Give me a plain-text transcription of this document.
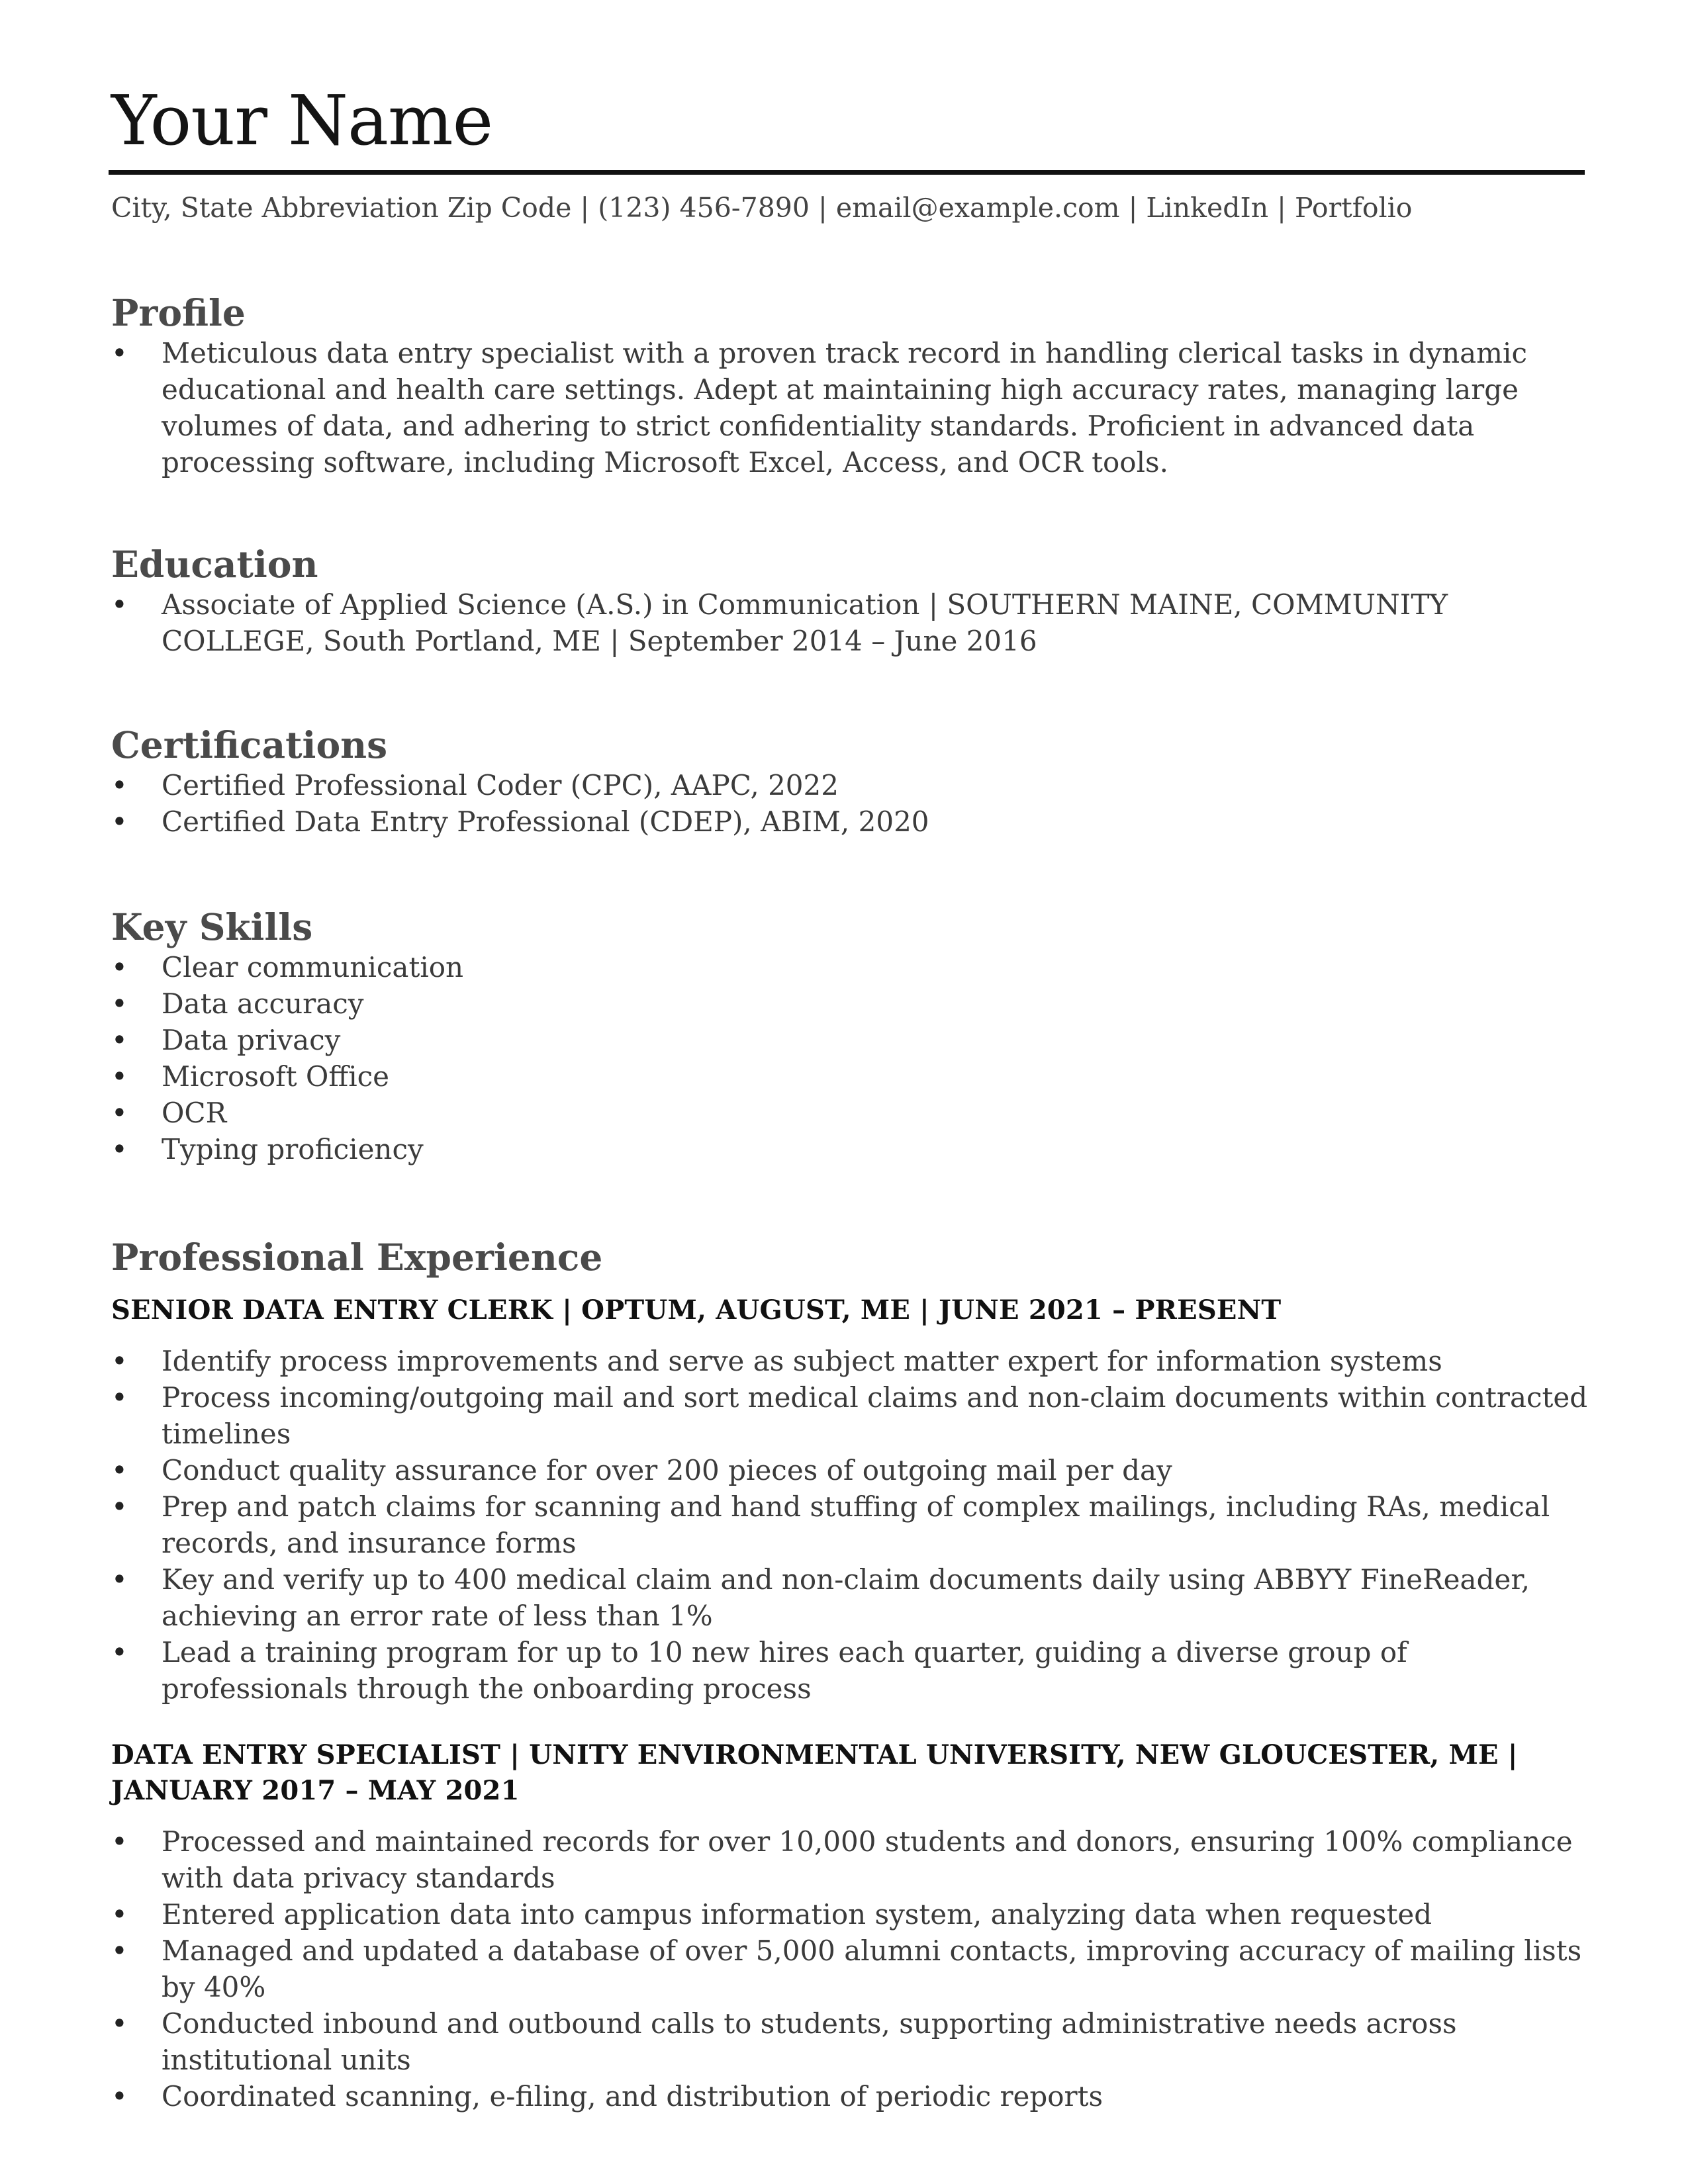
Your Name
City, State Abbreviation Zip Code | (123) 456-7890 | email@example.com | LinkedIn | Portfolio
Profile
• Meticulous data entry specialist with a proven track record in handling clerical tasks in dynamic educational and health care settings. Adept at maintaining high accuracy rates, managing large volumes of data, and adhering to strict confidentiality standards. Proficient in advanced data processing software, including Microsoft Excel, Access, and OCR tools.
Education
• Associate of Applied Science (A.S.) in Communication | SOUTHERN MAINE, COMMUNITY COLLEGE, South Portland, ME | September 2014 – June 2016
Certifications
• Certified Professional Coder (CPC), AAPC, 2022
• Certified Data Entry Professional (CDEP), ABIM, 2020
Key Skills
• Clear communication
• Data accuracy
• Data privacy
• Microsoft Office
• OCR
• Typing proficiency
Professional Experience
SENIOR DATA ENTRY CLERK | OPTUM, AUGUST, ME | JUNE 2021 – PRESENT
• Identify process improvements and serve as subject matter expert for information systems
• Process incoming/outgoing mail and sort medical claims and non-claim documents within contracted timelines
• Conduct quality assurance for over 200 pieces of outgoing mail per day
• Prep and patch claims for scanning and hand stuffing of complex mailings, including RAs, medical records, and insurance forms
• Key and verify up to 400 medical claim and non-claim documents daily using ABBYY FineReader, achieving an error rate of less than 1%
• Lead a training program for up to 10 new hires each quarter, guiding a diverse group of professionals through the onboarding process
DATA ENTRY SPECIALIST | UNITY ENVIRONMENTAL UNIVERSITY, NEW GLOUCESTER, ME | JANUARY 2017 – MAY 2021
• Processed and maintained records for over 10,000 students and donors, ensuring 100% compliance with data privacy standards
• Entered application data into campus information system, analyzing data when requested
• Managed and updated a database of over 5,000 alumni contacts, improving accuracy of mailing lists by 40%
• Conducted inbound and outbound calls to students, supporting administrative needs across institutional units
• Coordinated scanning, e-filing, and distribution of periodic reports
